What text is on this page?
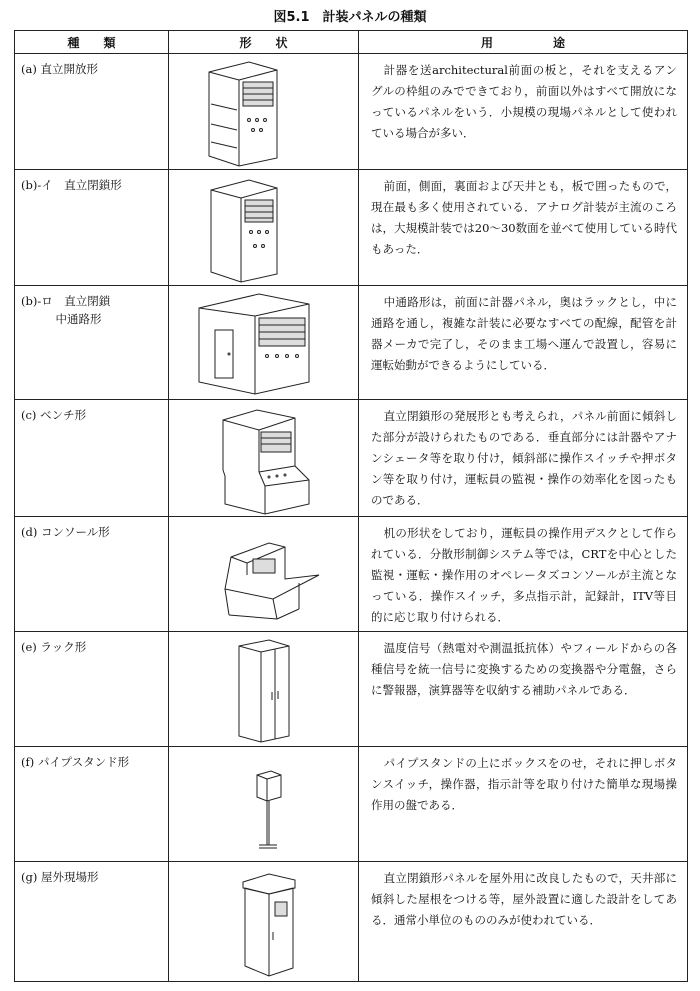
図5.1　計装パネルの種類
種　　類	形　　状	用　　　　　途
(a) 直立開放形		計器を送architectural前面の板と，それを支えるアングルの枠組のみでできており，前面以外はすべて開放になっているパネルをいう．小規模の現場パネルとして使われている場合が多い．
(b)-イ　直立閉鎖形		前面，側面，裏面および天井とも，板で囲ったもので，現在最も多く使用されている．アナログ計装が主流のころは，大規模計装では20〜30数面を並べて使用している時代もあった．
(b)-ロ　直立閉鎖
　　　中通路形		中通路形は，前面に計器パネル，奥はラックとし，中に通路を通し，複雑な計装に必要なすべての配線，配管を計器メーカで完了し，そのまま工場へ運んで設置し，容易に運転始動ができるようにしている．
(c) ベンチ形		直立閉鎖形の発展形とも考えられ，パネル前面に傾斜した部分が設けられたものである．垂直部分には計器やアナンシェータ等を取り付け，傾斜部に操作スイッチや押ボタン等を取り付け，運転員の監視・操作の効率化を図ったものである．
(d) コンソール形		机の形状をしており，運転員の操作用デスクとして作られている．分散形制御システム等では，CRTを中心とした監視・運転・操作用のオペレータズコンソールが主流となっている．操作スイッチ，多点指示計，記録計，ITV等目的に応じ取り付けられる．
(e) ラック形		温度信号（熱電対や測温抵抗体）やフィールドからの各種信号を統一信号に変換するための変換器や分電盤，さらに警報器，演算器等を収納する補助パネルである．
(f) パイプスタンド形		パイプスタンドの上にボックスをのせ，それに押しボタンスイッチ，操作器，指示計等を取り付けた簡単な現場操作用の盤である．
(g) 屋外現場形		直立閉鎖形パネルを屋外用に改良したもので，天井部に傾斜した屋根をつける等，屋外設置に適した設計をしてある．通常小単位のもののみが使われている．
